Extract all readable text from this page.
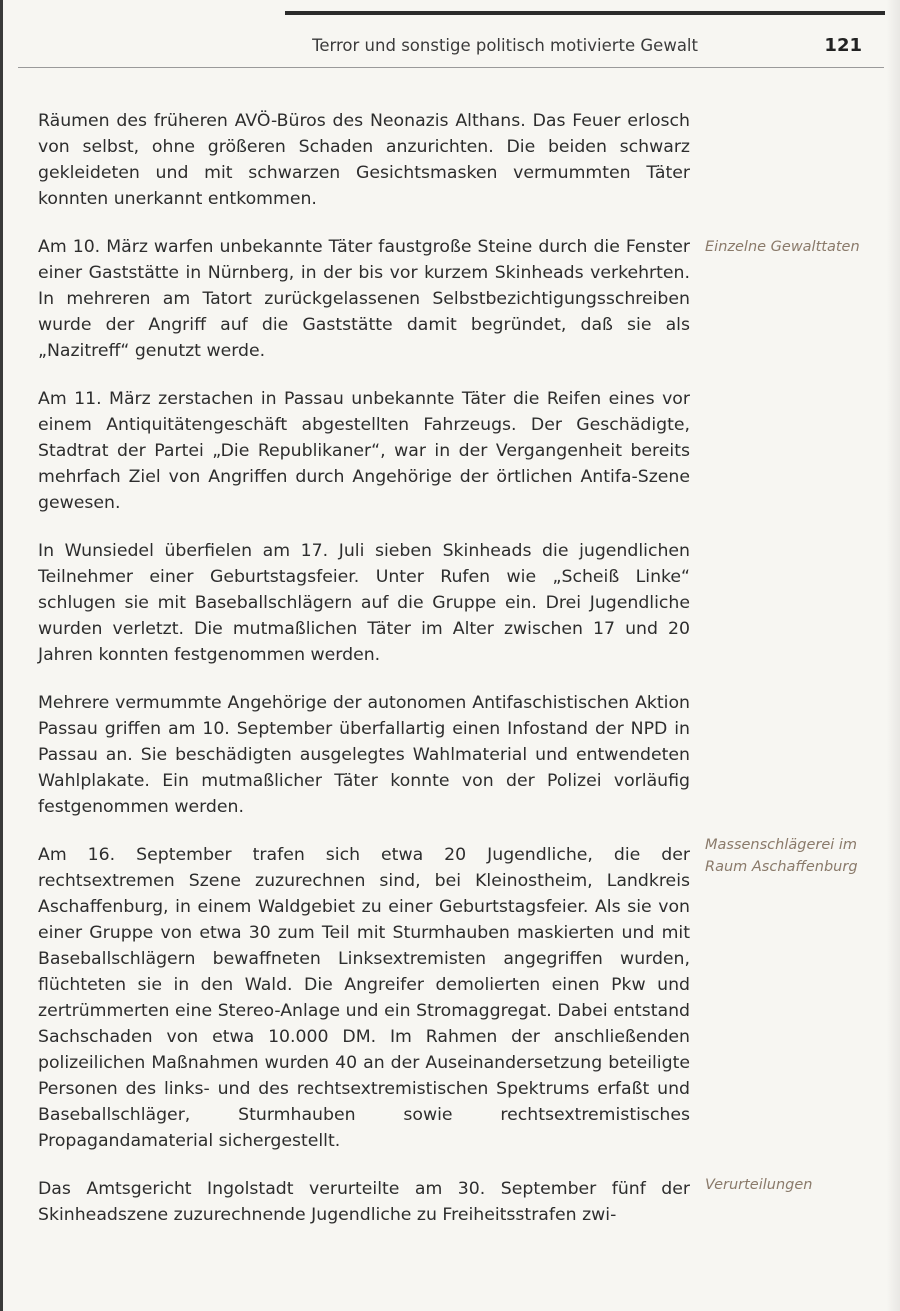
Terror und sonstige politisch motivierte Gewalt	121

Räumen des früheren AVÖ-Büros des Neonazis Althans. Das Feuer erlosch von selbst, ohne größeren Schaden anzurichten. Die beiden schwarz gekleideten und mit schwarzen Gesichtsmasken vermummten Täter konnten unerkannt entkommen.

Am 10. März warfen unbekannte Täter faustgroße Steine durch die Fenster einer Gaststätte in Nürnberg, in der bis vor kurzem Skinheads verkehrten. In mehreren am Tatort zurückgelassenen Selbstbezichtigungsschreiben wurde der Angriff auf die Gaststätte damit begründet, daß sie als „Nazitreff“ genutzt werde.

Am 11. März zerstachen in Passau unbekannte Täter die Reifen eines vor einem Antiquitätengeschäft abgestellten Fahrzeugs. Der Geschädigte, Stadtrat der Partei „Die Republikaner“, war in der Vergangenheit bereits mehrfach Ziel von Angriffen durch Angehörige der örtlichen Antifa-Szene gewesen.

In Wunsiedel überfielen am 17. Juli sieben Skinheads die jugendlichen Teilnehmer einer Geburtstagsfeier. Unter Rufen wie „Scheiß Linke“ schlugen sie mit Baseballschlägern auf die Gruppe ein. Drei Jugendliche wurden verletzt. Die mutmaßlichen Täter im Alter zwischen 17 und 20 Jahren konnten festgenommen werden.

Mehrere vermummte Angehörige der autonomen Antifaschistischen Aktion Passau griffen am 10. September überfallartig einen Infostand der NPD in Passau an. Sie beschädigten ausgelegtes Wahlmaterial und entwendeten Wahlplakate. Ein mutmaßlicher Täter konnte von der Polizei vorläufig festgenommen werden.

Am 16. September trafen sich etwa 20 Jugendliche, die der rechtsextremen Szene zuzurechnen sind, bei Kleinostheim, Landkreis Aschaffenburg, in einem Waldgebiet zu einer Geburtstagsfeier. Als sie von einer Gruppe von etwa 30 zum Teil mit Sturmhauben maskierten und mit Baseballschlägern bewaffneten Linksextremisten angegriffen wurden, flüchteten sie in den Wald. Die Angreifer demolierten einen Pkw und zertrümmerten eine Stereo-Anlage und ein Stromaggregat. Dabei entstand Sachschaden von etwa 10.000 DM. Im Rahmen der anschließenden polizeilichen Maßnahmen wurden 40 an der Auseinandersetzung beteiligte Personen des links- und des rechtsextremistischen Spektrums erfaßt und Baseballschläger, Sturmhauben sowie rechtsextremistisches Propagandamaterial sichergestellt.

Das Amtsgericht Ingolstadt verurteilte am 30. September fünf der Skinheadszene zuzurechnende Jugendliche zu Freiheitsstrafen zwi-

Einzelne Gewalttaten
Massenschlägerei im Raum Aschaffenburg
Verurteilungen
